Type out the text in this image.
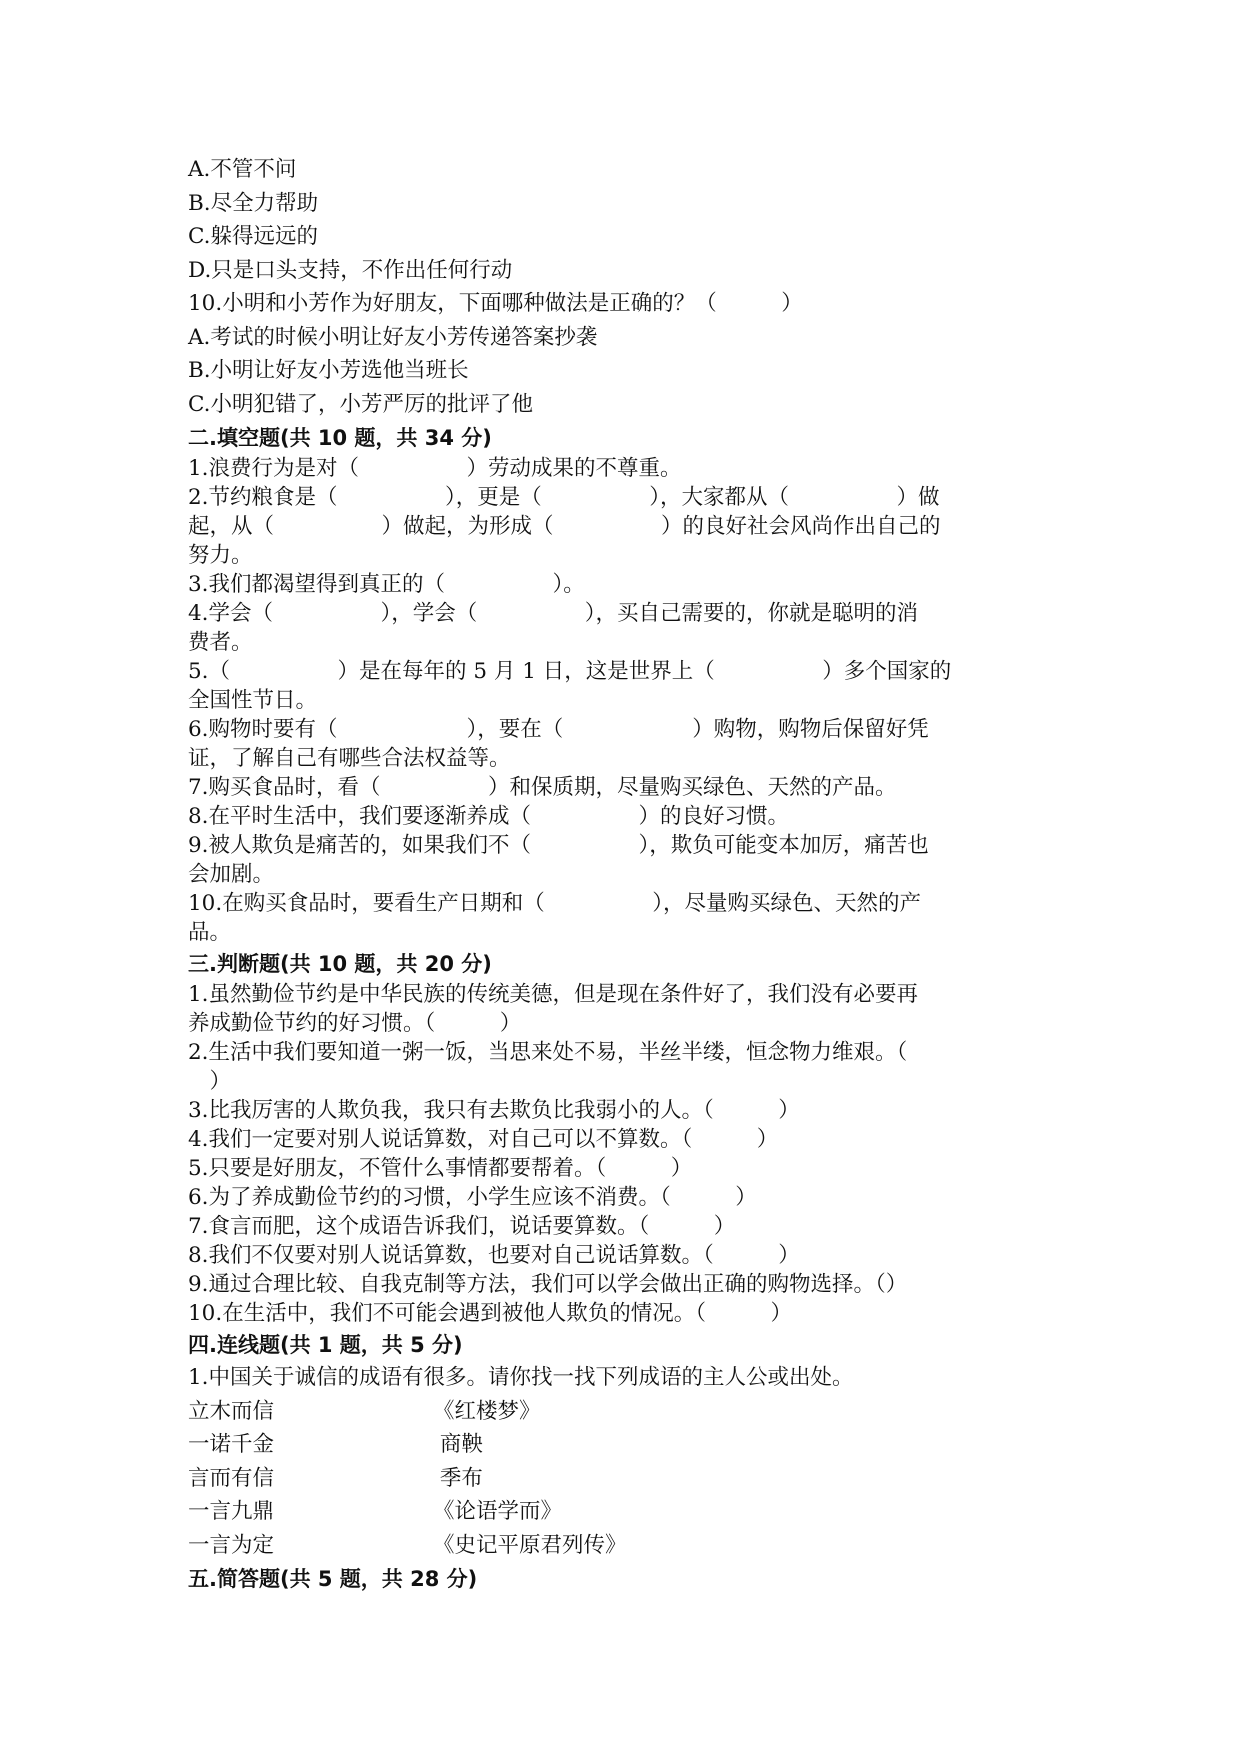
A.不管不问
B.尽全力帮助
C.躲得远远的
D.只是口头支持，不作出任何行动
10.小明和小芳作为好朋友，下面哪种做法是正确的？（　　　）
A.考试的时候小明让好友小芳传递答案抄袭
B.小明让好友小芳选他当班长
C.小明犯错了，小芳严厉的批评了他
二.填空题(共 10 题，共 34 分)
1.浪费行为是对（　　　　　）劳动成果的不尊重。
2.节约粮食是（　　　　　），更是（　　　　　），大家都从（　　　　　）做
起，从（　　　　　）做起，为形成（　　　　　）的良好社会风尚作出自己的
努力。
3.我们都渴望得到真正的（　　　　　）。
4.学会（　　　　　），学会（　　　　　），买自己需要的，你就是聪明的消
费者。
5.（　　　　　）是在每年的 5 月 1 日，这是世界上（　　　　　）多个国家的
全国性节日。
6.购物时要有（　　　　　　），要在（　　　　　　）购物，购物后保留好凭
证，了解自己有哪些合法权益等。
7.购买食品时，看（　　　　　）和保质期，尽量购买绿色、天然的产品。
8.在平时生活中，我们要逐渐养成（　　　　　）的良好习惯。
9.被人欺负是痛苦的，如果我们不（　　　　　），欺负可能变本加厉，痛苦也
会加剧。
10.在购买食品时，要看生产日期和（　　　　　），尽量购买绿色、天然的产
品。
三.判断题(共 10 题，共 20 分)
1.虽然勤俭节约是中华民族的传统美德，但是现在条件好了，我们没有必要再
养成勤俭节约的好习惯。（　　　）
2.生活中我们要知道一粥一饭，当思来处不易，半丝半缕，恒念物力维艰。（
　）
3.比我厉害的人欺负我，我只有去欺负比我弱小的人。（　　　）
4.我们一定要对别人说话算数，对自己可以不算数。（　　　）
5.只要是好朋友，不管什么事情都要帮着。（　　　）
6.为了养成勤俭节约的习惯，小学生应该不消费。（　　　）
7.食言而肥，这个成语告诉我们，说话要算数。（　　　）
8.我们不仅要对别人说话算数，也要对自己说话算数。（　　　）
9.通过合理比较、自我克制等方法，我们可以学会做出正确的购物选择。（）
10.在生活中，我们不可能会遇到被他人欺负的情况。（　　　）
四.连线题(共 1 题，共 5 分)
1.中国关于诚信的成语有很多。请你找一找下列成语的主人公或出处。
立木而信	《红楼梦》
一诺千金	商鞅
言而有信	季布
一言九鼎	《论语学而》
一言为定	《史记平原君列传》
五.简答题(共 5 题，共 28 分)
